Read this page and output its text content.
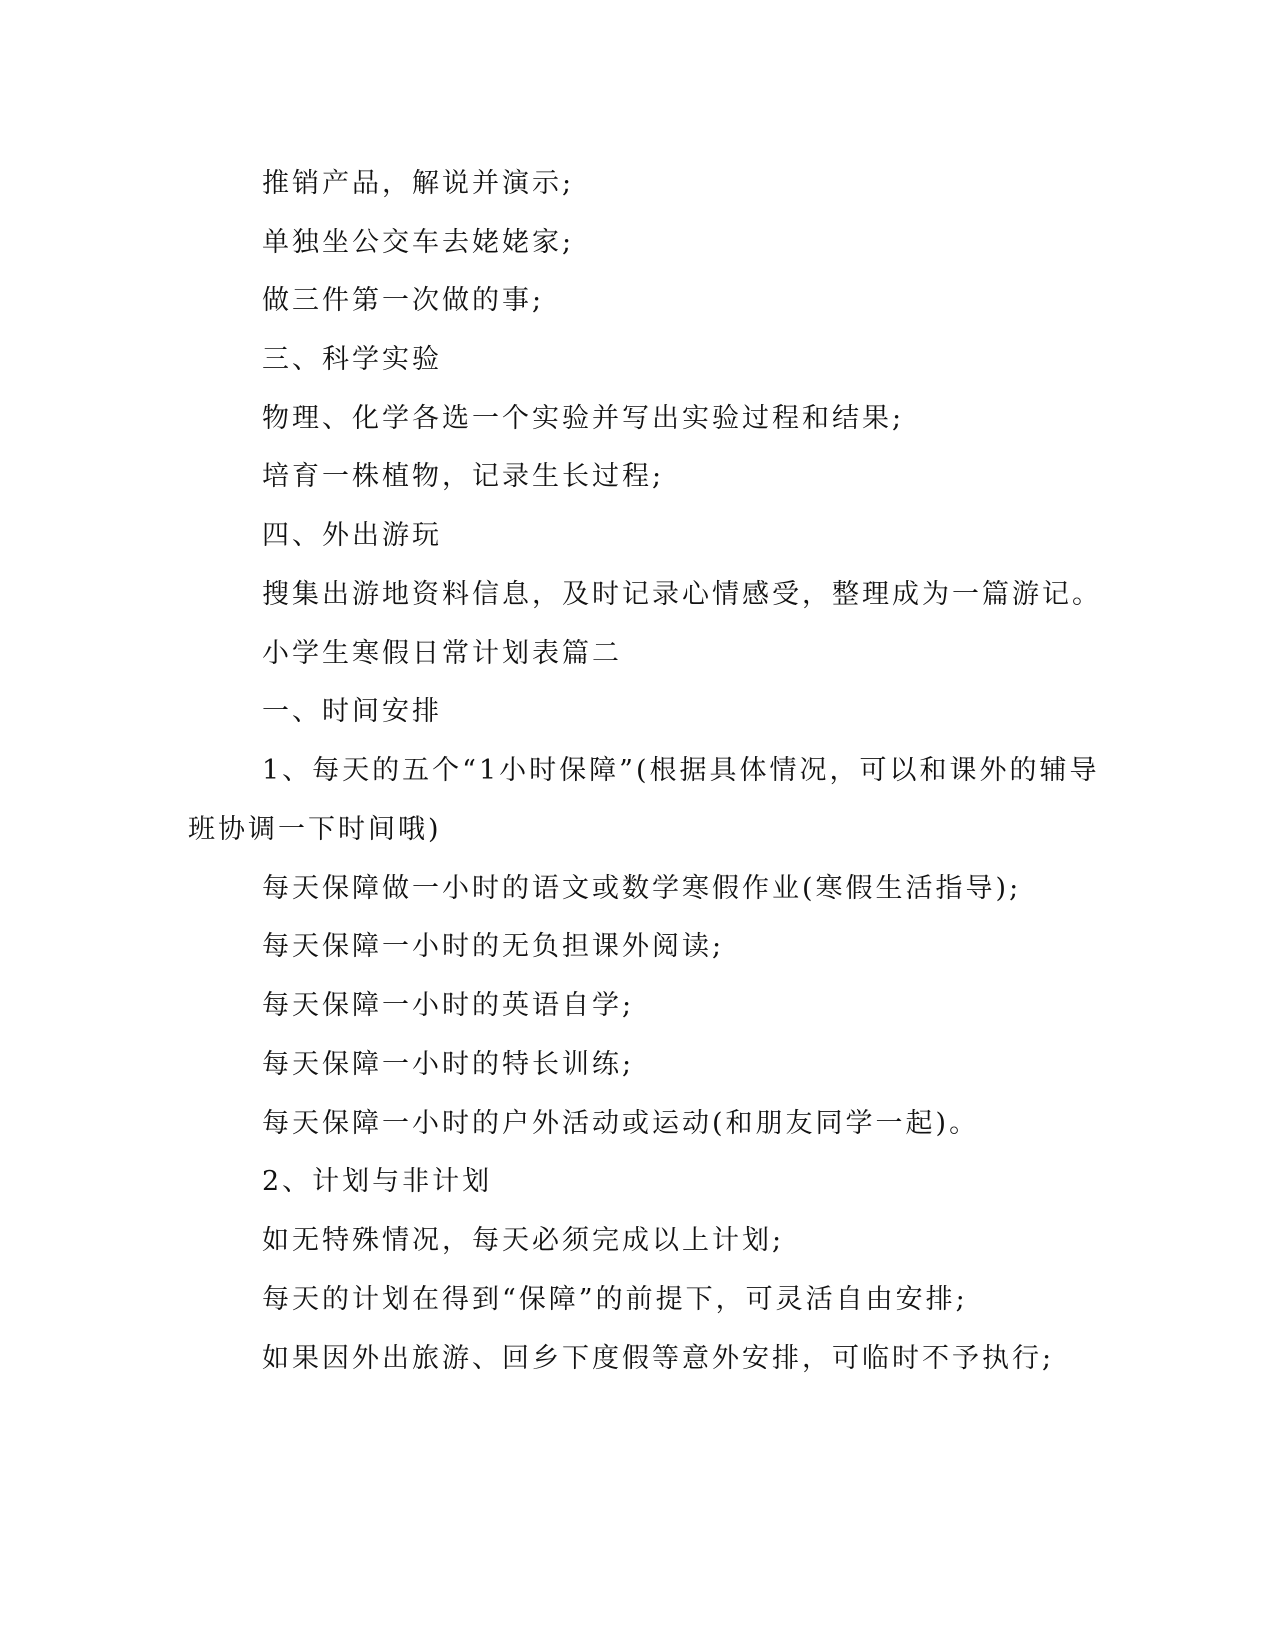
推销产品，解说并演示;
单独坐公交车去姥姥家;
做三件第一次做的事;
三、科学实验
物理、化学各选一个实验并写出实验过程和结果;
培育一株植物，记录生长过程;
四、外出游玩
搜集出游地资料信息，及时记录心情感受，整理成为一篇游记。
小学生寒假日常计划表篇二
一、时间安排
1、每天的五个“1小时保障”(根据具体情况，可以和课外的辅导
班协调一下时间哦)
每天保障做一小时的语文或数学寒假作业(寒假生活指导);
每天保障一小时的无负担课外阅读;
每天保障一小时的英语自学;
每天保障一小时的特长训练;
每天保障一小时的户外活动或运动(和朋友同学一起)。
2、计划与非计划
如无特殊情况，每天必须完成以上计划;
每天的计划在得到“保障”的前提下，可灵活自由安排;
如果因外出旅游、回乡下度假等意外安排，可临时不予执行;
